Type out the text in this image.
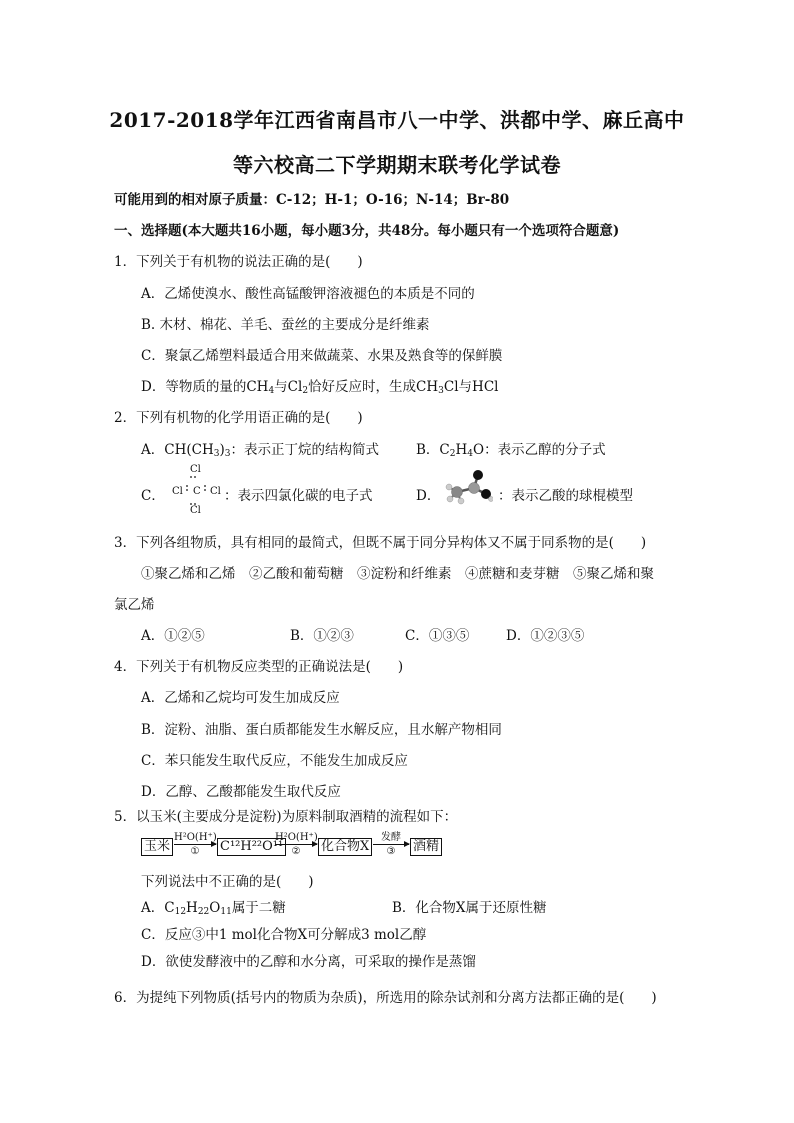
2017-2018学年江西省南昌市八一中学、洪都中学、麻丘高中
等六校高二下学期期末联考化学试卷
可能用到的相对原子质量：C-12；H-1；O-16；N-14；Br-80
一、选择题(本大题共16小题，每小题3分，共48分。每小题只有一个选项符合题意)
1．下列关于有机物的说法正确的是(　　)
A．乙烯使溴水、酸性高锰酸钾溶液褪色的本质是不同的
B. 木材、棉花、羊毛、蚕丝的主要成分是纤维素
C．聚氯乙烯塑料最适合用来做蔬菜、水果及熟食等的保鲜膜
D．等物质的量的$CH_4$与$Cl_2$恰好反应时，生成$CH_3Cl$与HCl
2．下列有机物的化学用语正确的是(　　)
A．$CH(CH_3)_3$：表示正丁烷的结构简式	B．$C_2H_4O$：表示乙醇的分子式
C．
Cl
Cl C Cl
Cl
：表示四氯化碳的电子式	D．	：表示乙酸的球棍模型
3．下列各组物质，具有相同的最简式，但既不属于同分异构体又不属于同系物的是(　　)
①聚乙烯和乙烯　②乙酸和葡萄糖　③淀粉和纤维素　④蔗糖和麦芽糖　⑤聚乙烯和聚
氯乙烯
A．①②⑤	B．①②③	C．①③⑤	D．①②③⑤
4．下列关于有机物反应类型的正确说法是(　　)
A．乙烯和乙烷均可发生加成反应
B．淀粉、油脂、蛋白质都能发生水解反应，且水解产物相同
C．苯只能发生取代反应，不能发生加成反应
D．乙醇、乙酸都能发生取代反应
5．以玉米(主要成分是淀粉)为原料制取酒精的流程如下：
玉米
H²O(H⁺)
①	C¹²H²²O¹¹
H²O(H⁺)
②	化合物X
发酵
③	酒精
下列说法中不正确的是(　　)
A．$C_{12}H_{22}O_{11}$属于二糖	B．化合物X属于还原性糖
C．反应③中1 mol化合物X可分解成3 mol乙醇
D．欲使发酵液中的乙醇和水分离，可采取的操作是蒸馏
6．为提纯下列物质(括号内的物质为杂质)，所选用的除杂试剂和分离方法都正确的是(　　)
